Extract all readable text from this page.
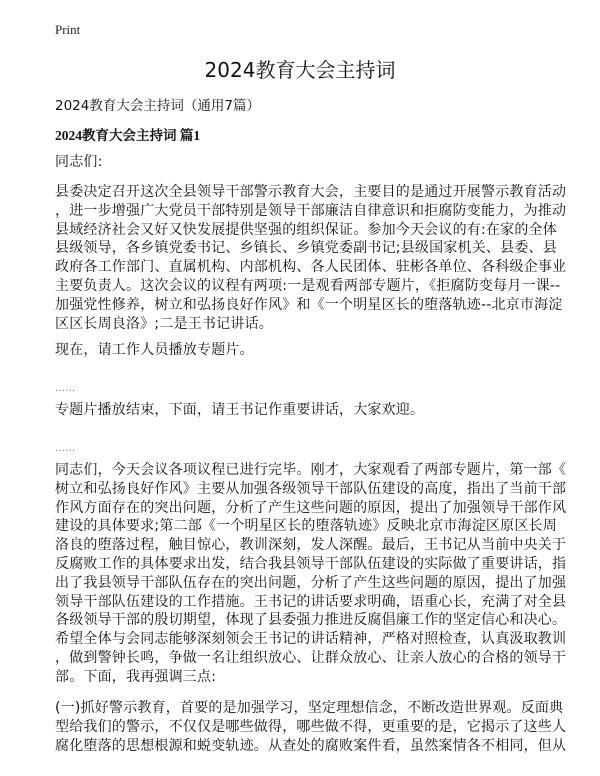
Print
2024教育大会主持词
2024教育大会主持词（通用7篇）
2024教育大会主持词 篇1
同志们:
县委决定召开这次全县领导干部警示教育大会，主要目的是通过开展警示教育活动
，进一步增强广大党员干部特别是领导干部廉洁自律意识和拒腐防变能力，为推动
县域经济社会又好又快发展提供坚强的组织保证。参加今天会议的有:在家的全体
县级领导，各乡镇党委书记、乡镇长、乡镇党委副书记;县级国家机关、县委、县
政府各工作部门、直属机构、内部机构、各人民团体、驻彬各单位、各科级企事业
主要负责人。这次会议的议程有两项:一是观看两部专题片，《拒腐防变每月一课--
加强党性修养，树立和弘扬良好作风》和《一个明星区长的堕落轨迹--北京市海淀
区区长周良洛》;二是王书记讲话。
现在，请工作人员播放专题片。
……
专题片播放结束，下面，请王书记作重要讲话，大家欢迎。
……
同志们，今天会议各项议程已进行完毕。刚才，大家观看了两部专题片，第一部《
树立和弘扬良好作风》主要从加强各级领导干部队伍建设的高度，指出了当前干部
作风方面存在的突出问题，分析了产生这些问题的原因，提出了加强领导干部作风
建设的具体要求;第二部《一个明星区长的堕落轨迹》反映北京市海淀区原区长周
洛良的堕落过程，触目惊心，教训深刻，发人深醒。最后，王书记从当前中央关于
反腐败工作的具体要求出发，结合我县领导干部队伍建设的实际做了重要讲话，指
出了我县领导干部队伍存在的突出问题，分析了产生这些问题的原因，提出了加强
领导干部队伍建设的工作措施。王书记的讲话要求明确，语重心长，充满了对全县
各级领导干部的殷切期望，体现了县委强力推进反腐倡廉工作的坚定信心和决心。
希望全体与会同志能够深刻领会王书记的讲话精神，严格对照检查，认真汲取教训
，做到警钟长鸣，争做一名让组织放心、让群众放心、让亲人放心的合格的领导干
部。下面，我再强调三点:
(一)抓好警示教育，首要的是加强学习，坚定理想信念，不断改造世界观。反面典
型给我们的警示，不仅仅是哪些做得，哪些做不得，更重要的是，它揭示了这些人
腐化堕落的思想根源和蜕变轨迹。从查处的腐败案件看，虽然案情各不相同，但从
